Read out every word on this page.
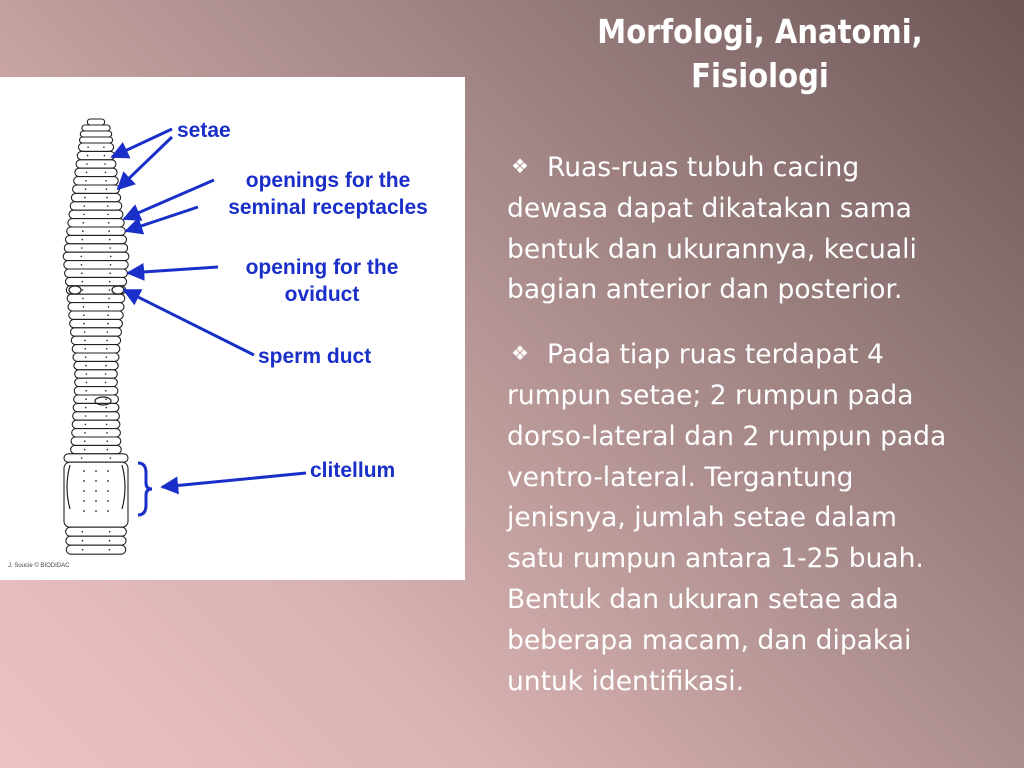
Morfologi, Anatomi,
Fisiologi
❖ Ruas-ruas tubuh cacing
dewasa dapat dikatakan sama
bentuk dan ukurannya, kecuali
bagian anterior dan posterior.
❖ Pada tiap ruas terdapat 4
rumpun setae; 2 rumpun pada
dorso-lateral dan 2 rumpun pada
ventro-lateral. Tergantung
jenisnya, jumlah setae dalam
satu rumpun antara 1-25 buah.
Bentuk dan ukuran setae ada
beberapa macam, dan dipakai
untuk identifikasi.
setae
openings for the
seminal receptacles
opening for the
oviduct
sperm duct
clitellum
J. Soucie © BIODIDAC
